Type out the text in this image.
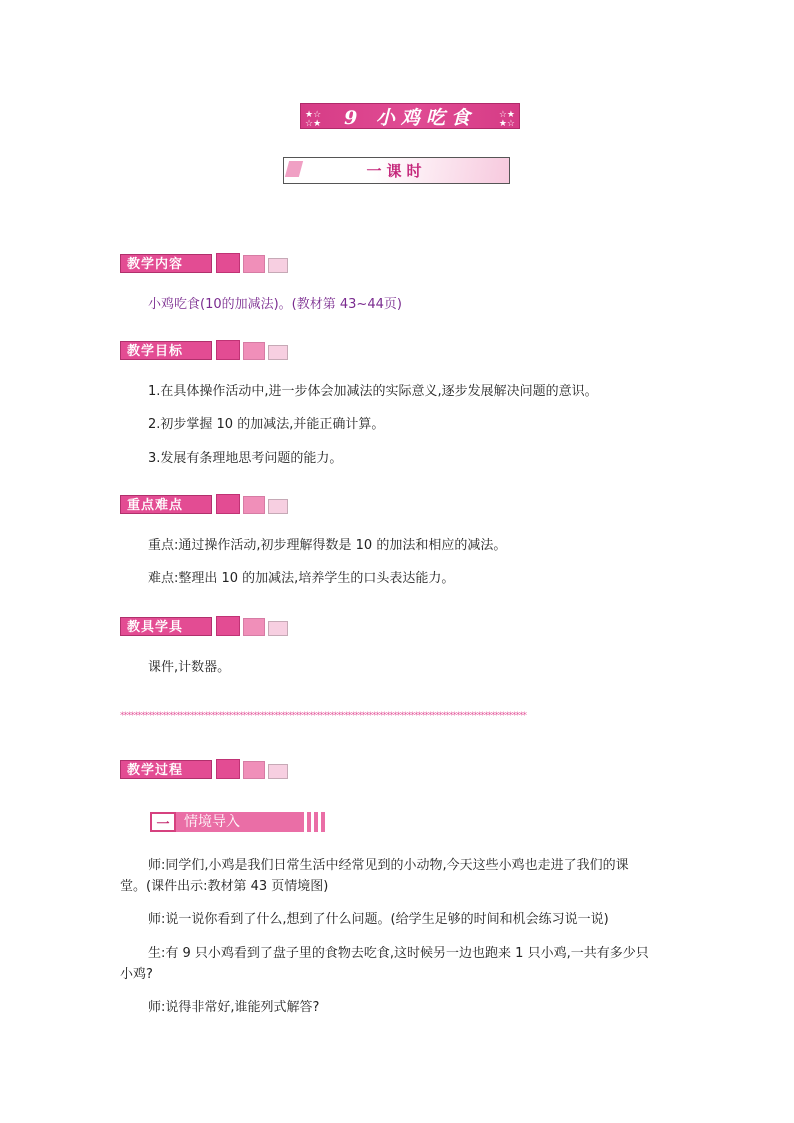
★☆
☆★ 9 小鸡吃食	☆★
★☆
一课时
教学内容
小鸡吃食(10的加减法)。(教材第 43~44页)
教学目标
1.在具体操作活动中,进一步体会加减法的实际意义,逐步发展解决问题的意识。
2.初步掌握 10 的加减法,并能正确计算。
3.发展有条理地思考问题的能力。
重点难点
重点:通过操作活动,初步理解得数是 10 的加法和相应的减法。
难点:整理出 10 的加减法,培养学生的口头表达能力。
教具学具
课件,计数器。
********************************************************************************************************************
教学过程
一	情境导入
师:同学们,小鸡是我们日常生活中经常见到的小动物,今天这些小鸡也走进了我们的课
堂。(课件出示:教材第 43 页情境图)
师:说一说你看到了什么,想到了什么问题。(给学生足够的时间和机会练习说一说)
生:有 9 只小鸡看到了盘子里的食物去吃食,这时候另一边也跑来 1 只小鸡,一共有多少只
小鸡?
师:说得非常好,谁能列式解答?
